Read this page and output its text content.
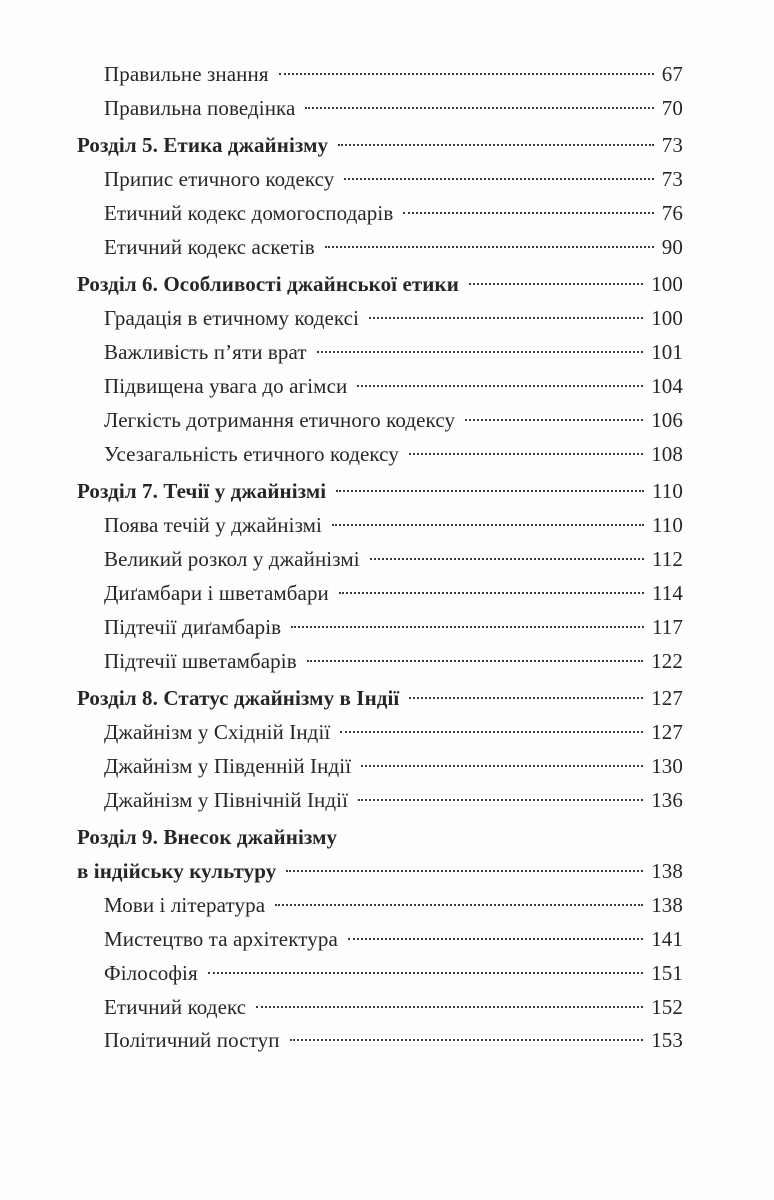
Правильне знання	67
Правильна поведінка	70
Розділ 5. Етика джайнізму	73
Припис етичного кодексу	73
Етичний кодекс домогосподарів	76
Етичний кодекс аскетів	90
Розділ 6. Особливості джайнської етики	100
Градація в етичному кодексі	100
Важливість п’яти врат	101
Підвищена увага до агімси	104
Легкість дотримання етичного кодексу	106
Усезагальність етичного кодексу	108
Розділ 7. Течії у джайнізмі	110
Поява течій у джайнізмі	110
Великий розкол у джайнізмі	112
Диґамбари і шветамбари	114
Підтечії диґамбарів	117
Підтечії шветамбарів	122
Розділ 8. Статус джайнізму в Індії	127
Джайнізм у Східній Індії	127
Джайнізм у Південній Індії	130
Джайнізм у Північній Індії	136
Розділ 9. Внесок джайнізму
в індійську культуру	138
Мови і література	138
Мистецтво та архітектура	141
Філософія	151
Етичний кодекс	152
Політичний поступ	153
